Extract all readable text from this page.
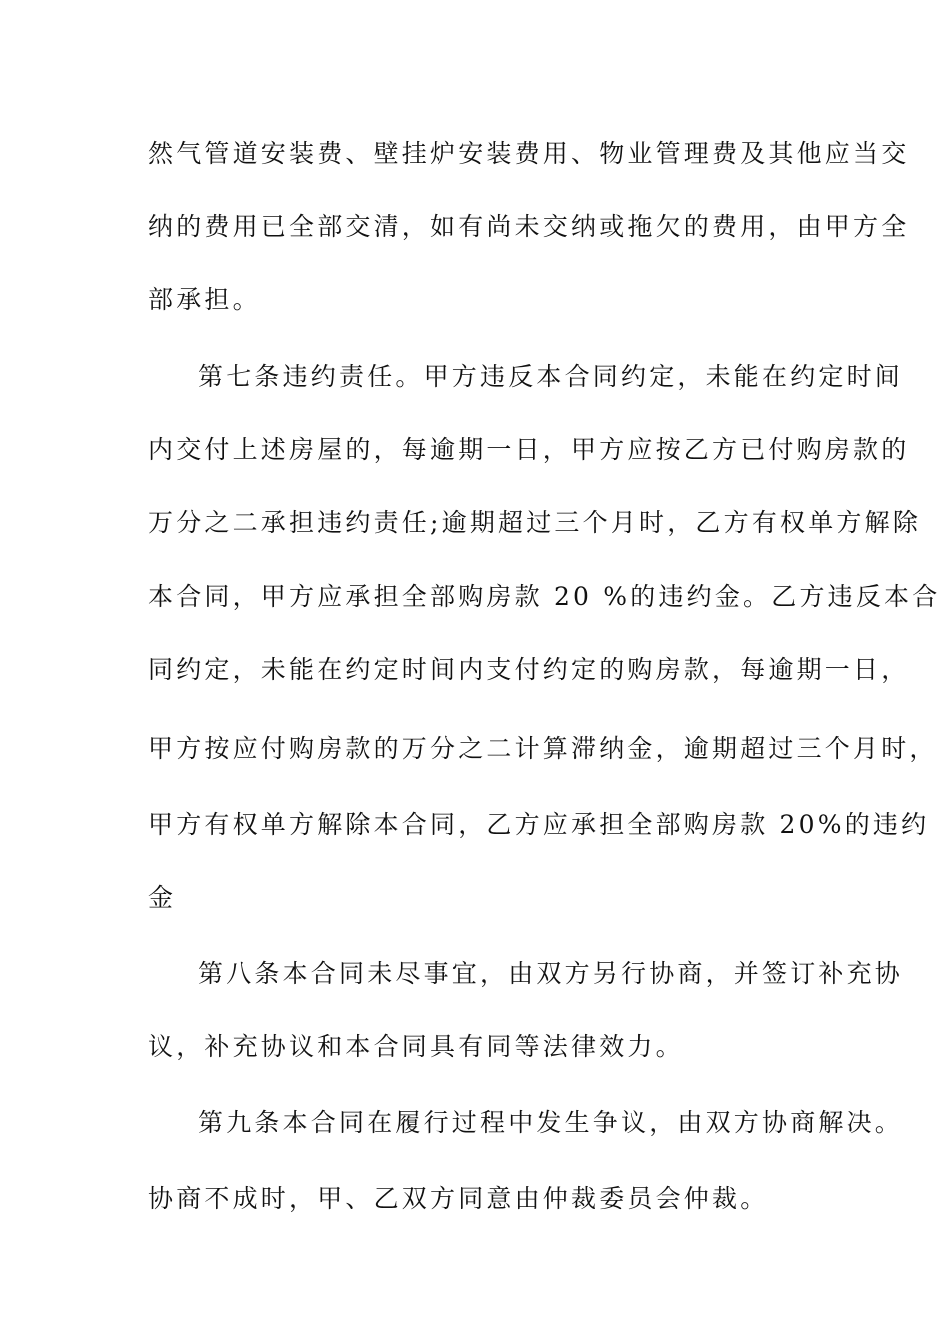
然气管道安装费、壁挂炉安装费用、物业管理费及其他应当交
纳的费用已全部交清，如有尚未交纳或拖欠的费用，由甲方全
部承担。
第七条违约责任。甲方违反本合同约定，未能在约定时间
内交付上述房屋的，每逾期一日，甲方应按乙方已付购房款的
万分之二承担违约责任;逾期超过三个月时，乙方有权单方解除
本合同，甲方应承担全部购房款 20 %的违约金。乙方违反本合
同约定，未能在约定时间内支付约定的购房款，每逾期一日，
甲方按应付购房款的万分之二计算滞纳金，逾期超过三个月时，
甲方有权单方解除本合同，乙方应承担全部购房款 20%的违约
金
第八条本合同未尽事宜，由双方另行协商，并签订补充协
议，补充协议和本合同具有同等法律效力。
第九条本合同在履行过程中发生争议，由双方协商解决。
协商不成时，甲、乙双方同意由仲裁委员会仲裁。
